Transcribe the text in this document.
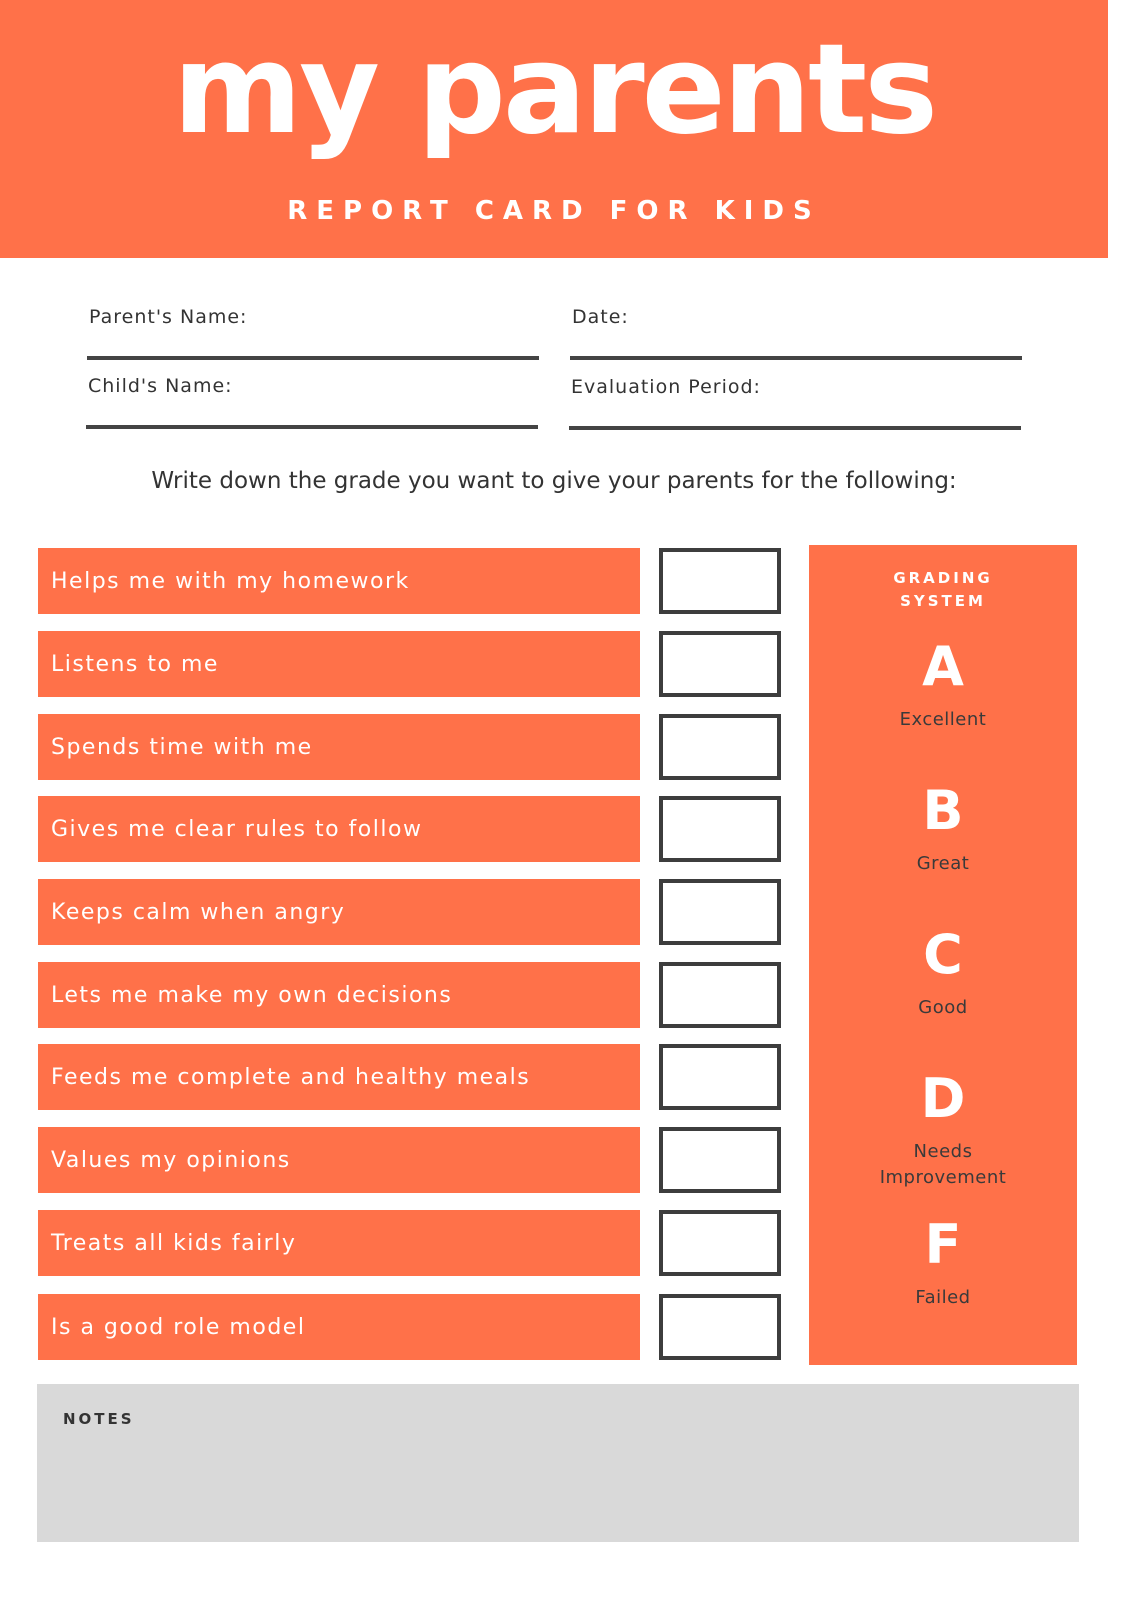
my parents
REPORT CARD FOR KIDS
Parent's Name:	Date:
Child's Name:	Evaluation Period:
Write down the grade you want to give your parents for the following:
Helps me with my homework
Listens to me
Spends time with me
Gives me clear rules to follow
Keeps calm when angry
Lets me make my own decisions
Feeds me complete and healthy meals
Values my opinions
Treats all kids fairly
Is a good role model
GRADING
SYSTEM
A
Excellent
B
Great
C
Good
D
Needs
Improvement
F
Failed
NOTES
